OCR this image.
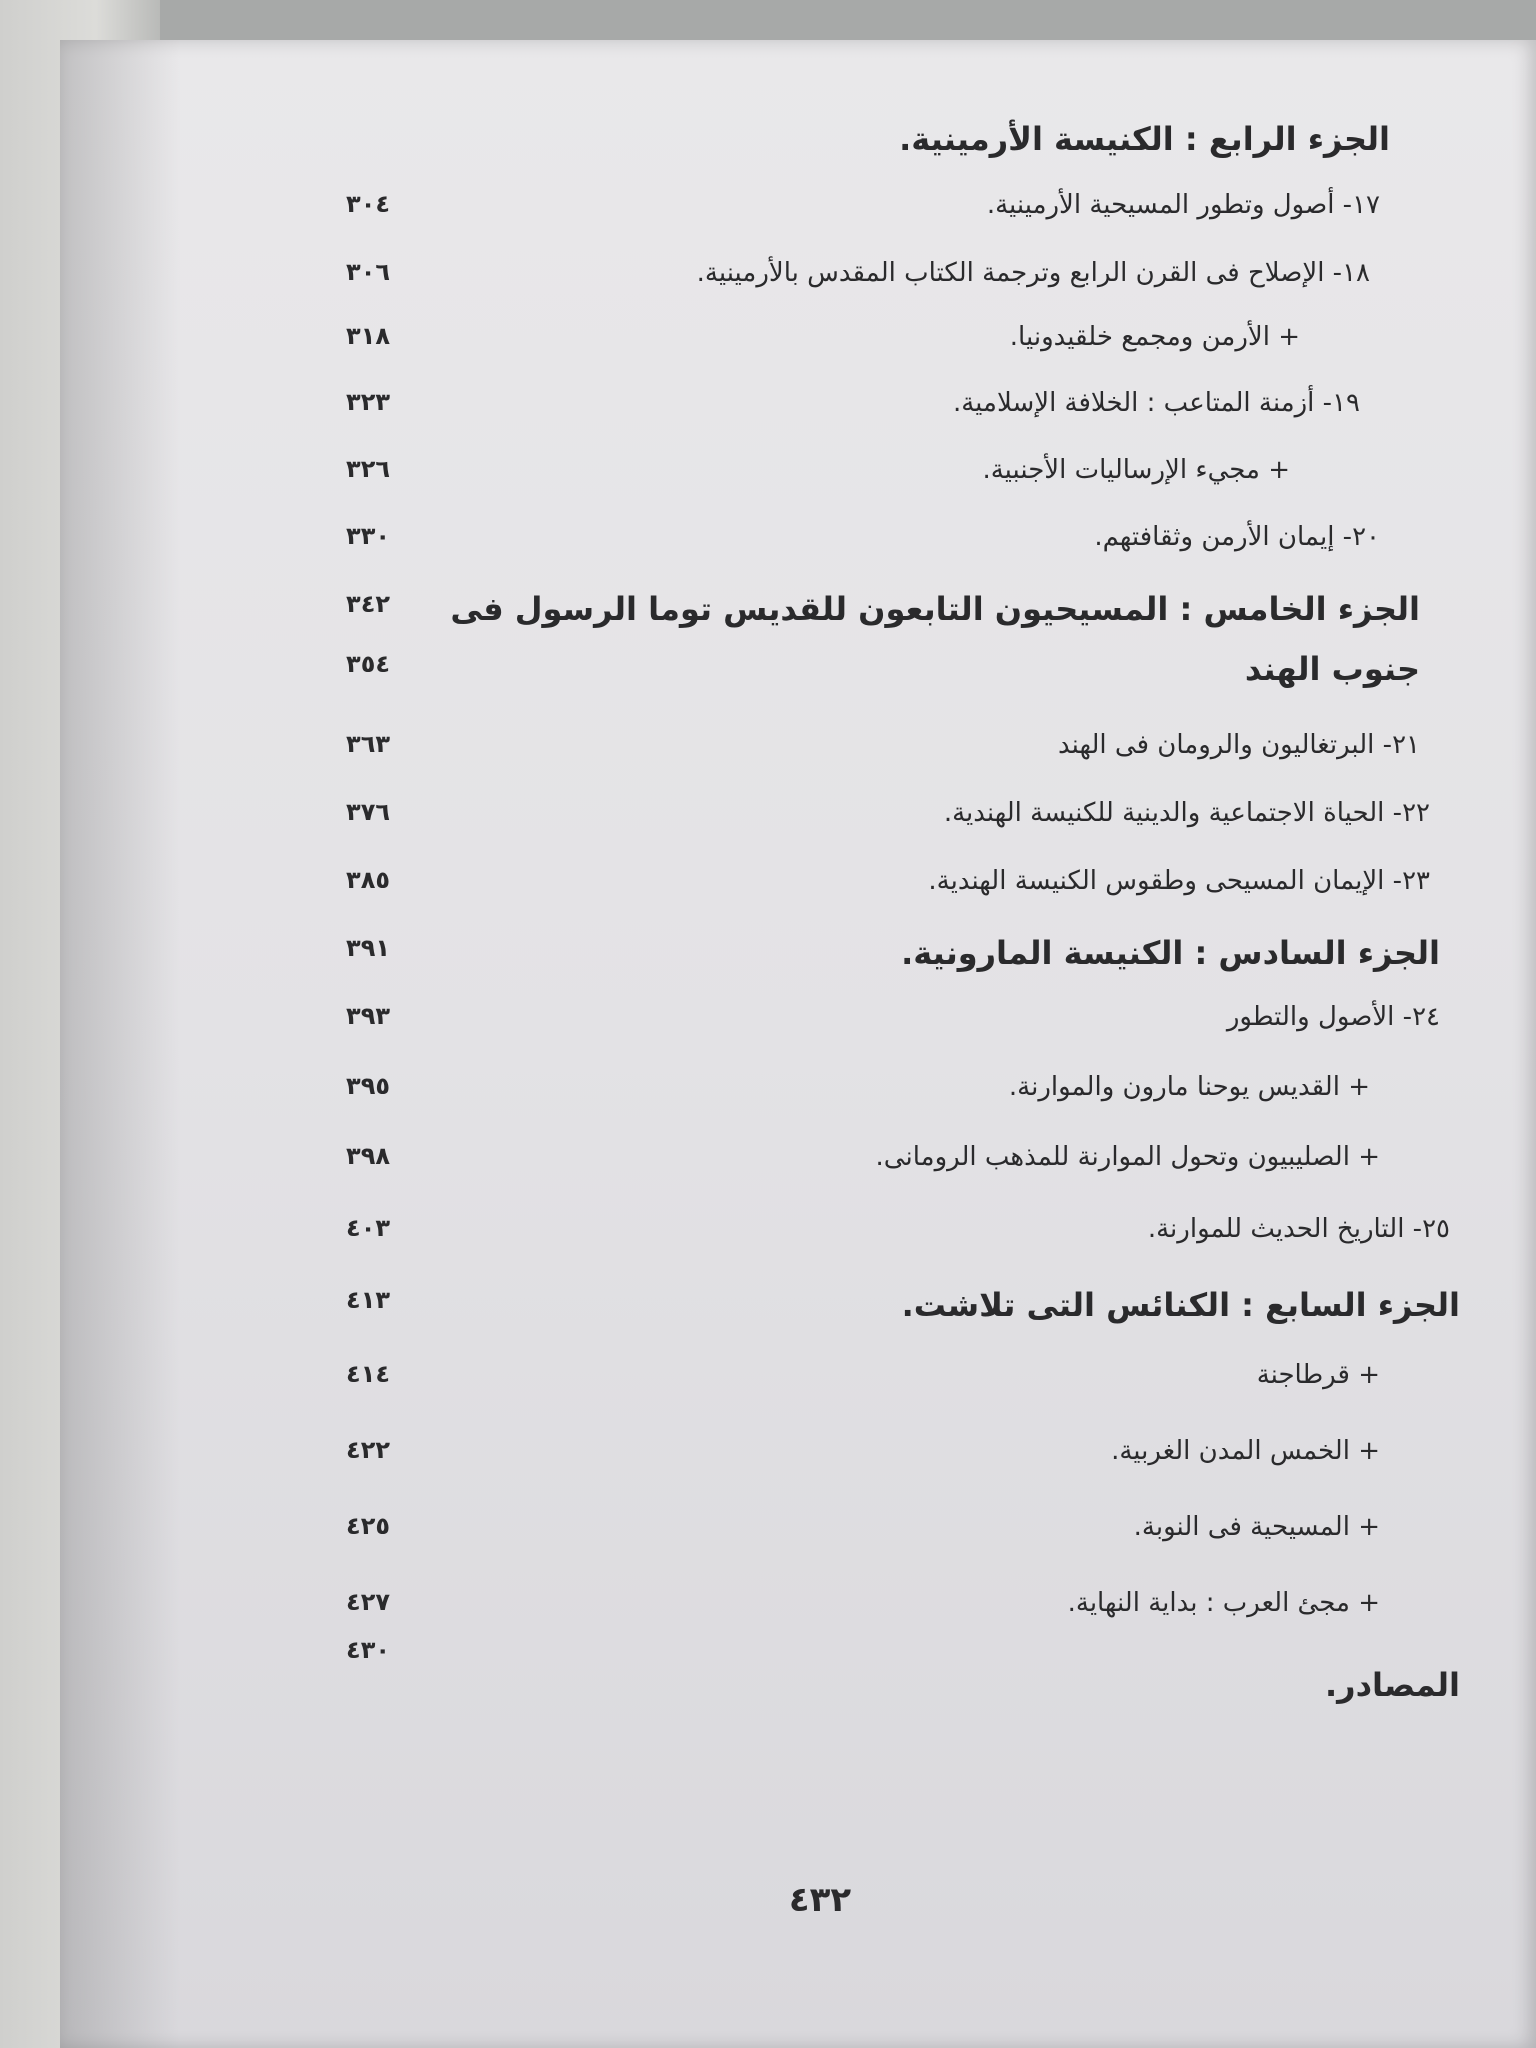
الجزء الرابع : الكنيسة الأرمينية.
١٧- أصول وتطور المسيحية الأرمينية.
٣٠٤
١٨- الإصلاح فى القرن الرابع وترجمة الكتاب المقدس بالأرمينية.
٣٠٦
+ الأرمن ومجمع خلقيدونيا.
٣١٨
١٩- أزمنة المتاعب : الخلافة الإسلامية.
٣٢٣
+ مجيء الإرساليات الأجنبية.
٣٢٦
٢٠- إيمان الأرمن وثقافتهم.
٣٣٠
الجزء الخامس : المسيحيون التابعون للقديس توما الرسول فى
٣٤٢
جنوب الهند
٣٥٤
٢١- البرتغاليون والرومان فى الهند
٣٦٣
٢٢- الحياة الاجتماعية والدينية للكنيسة الهندية.
٣٧٦
٢٣- الإيمان المسيحى وطقوس الكنيسة الهندية.
٣٨٥
الجزء السادس : الكنيسة المارونية.
٣٩١
٢٤- الأصول والتطور
٣٩٣
+ القديس يوحنا مارون والموارنة.
٣٩٥
+ الصليبيون وتحول الموارنة للمذهب الرومانى.
٣٩٨
٢٥- التاريخ الحديث للموارنة.
٤٠٣
الجزء السابع : الكنائس التى تلاشت.
٤١٣
+ قرطاجنة
٤١٤
+ الخمس المدن الغربية.
٤٢٢
+ المسيحية فى النوبة.
٤٢٥
+ مجئ العرب : بداية النهاية.
٤٢٧
المصادر.
٤٣٠
٤٣٢
